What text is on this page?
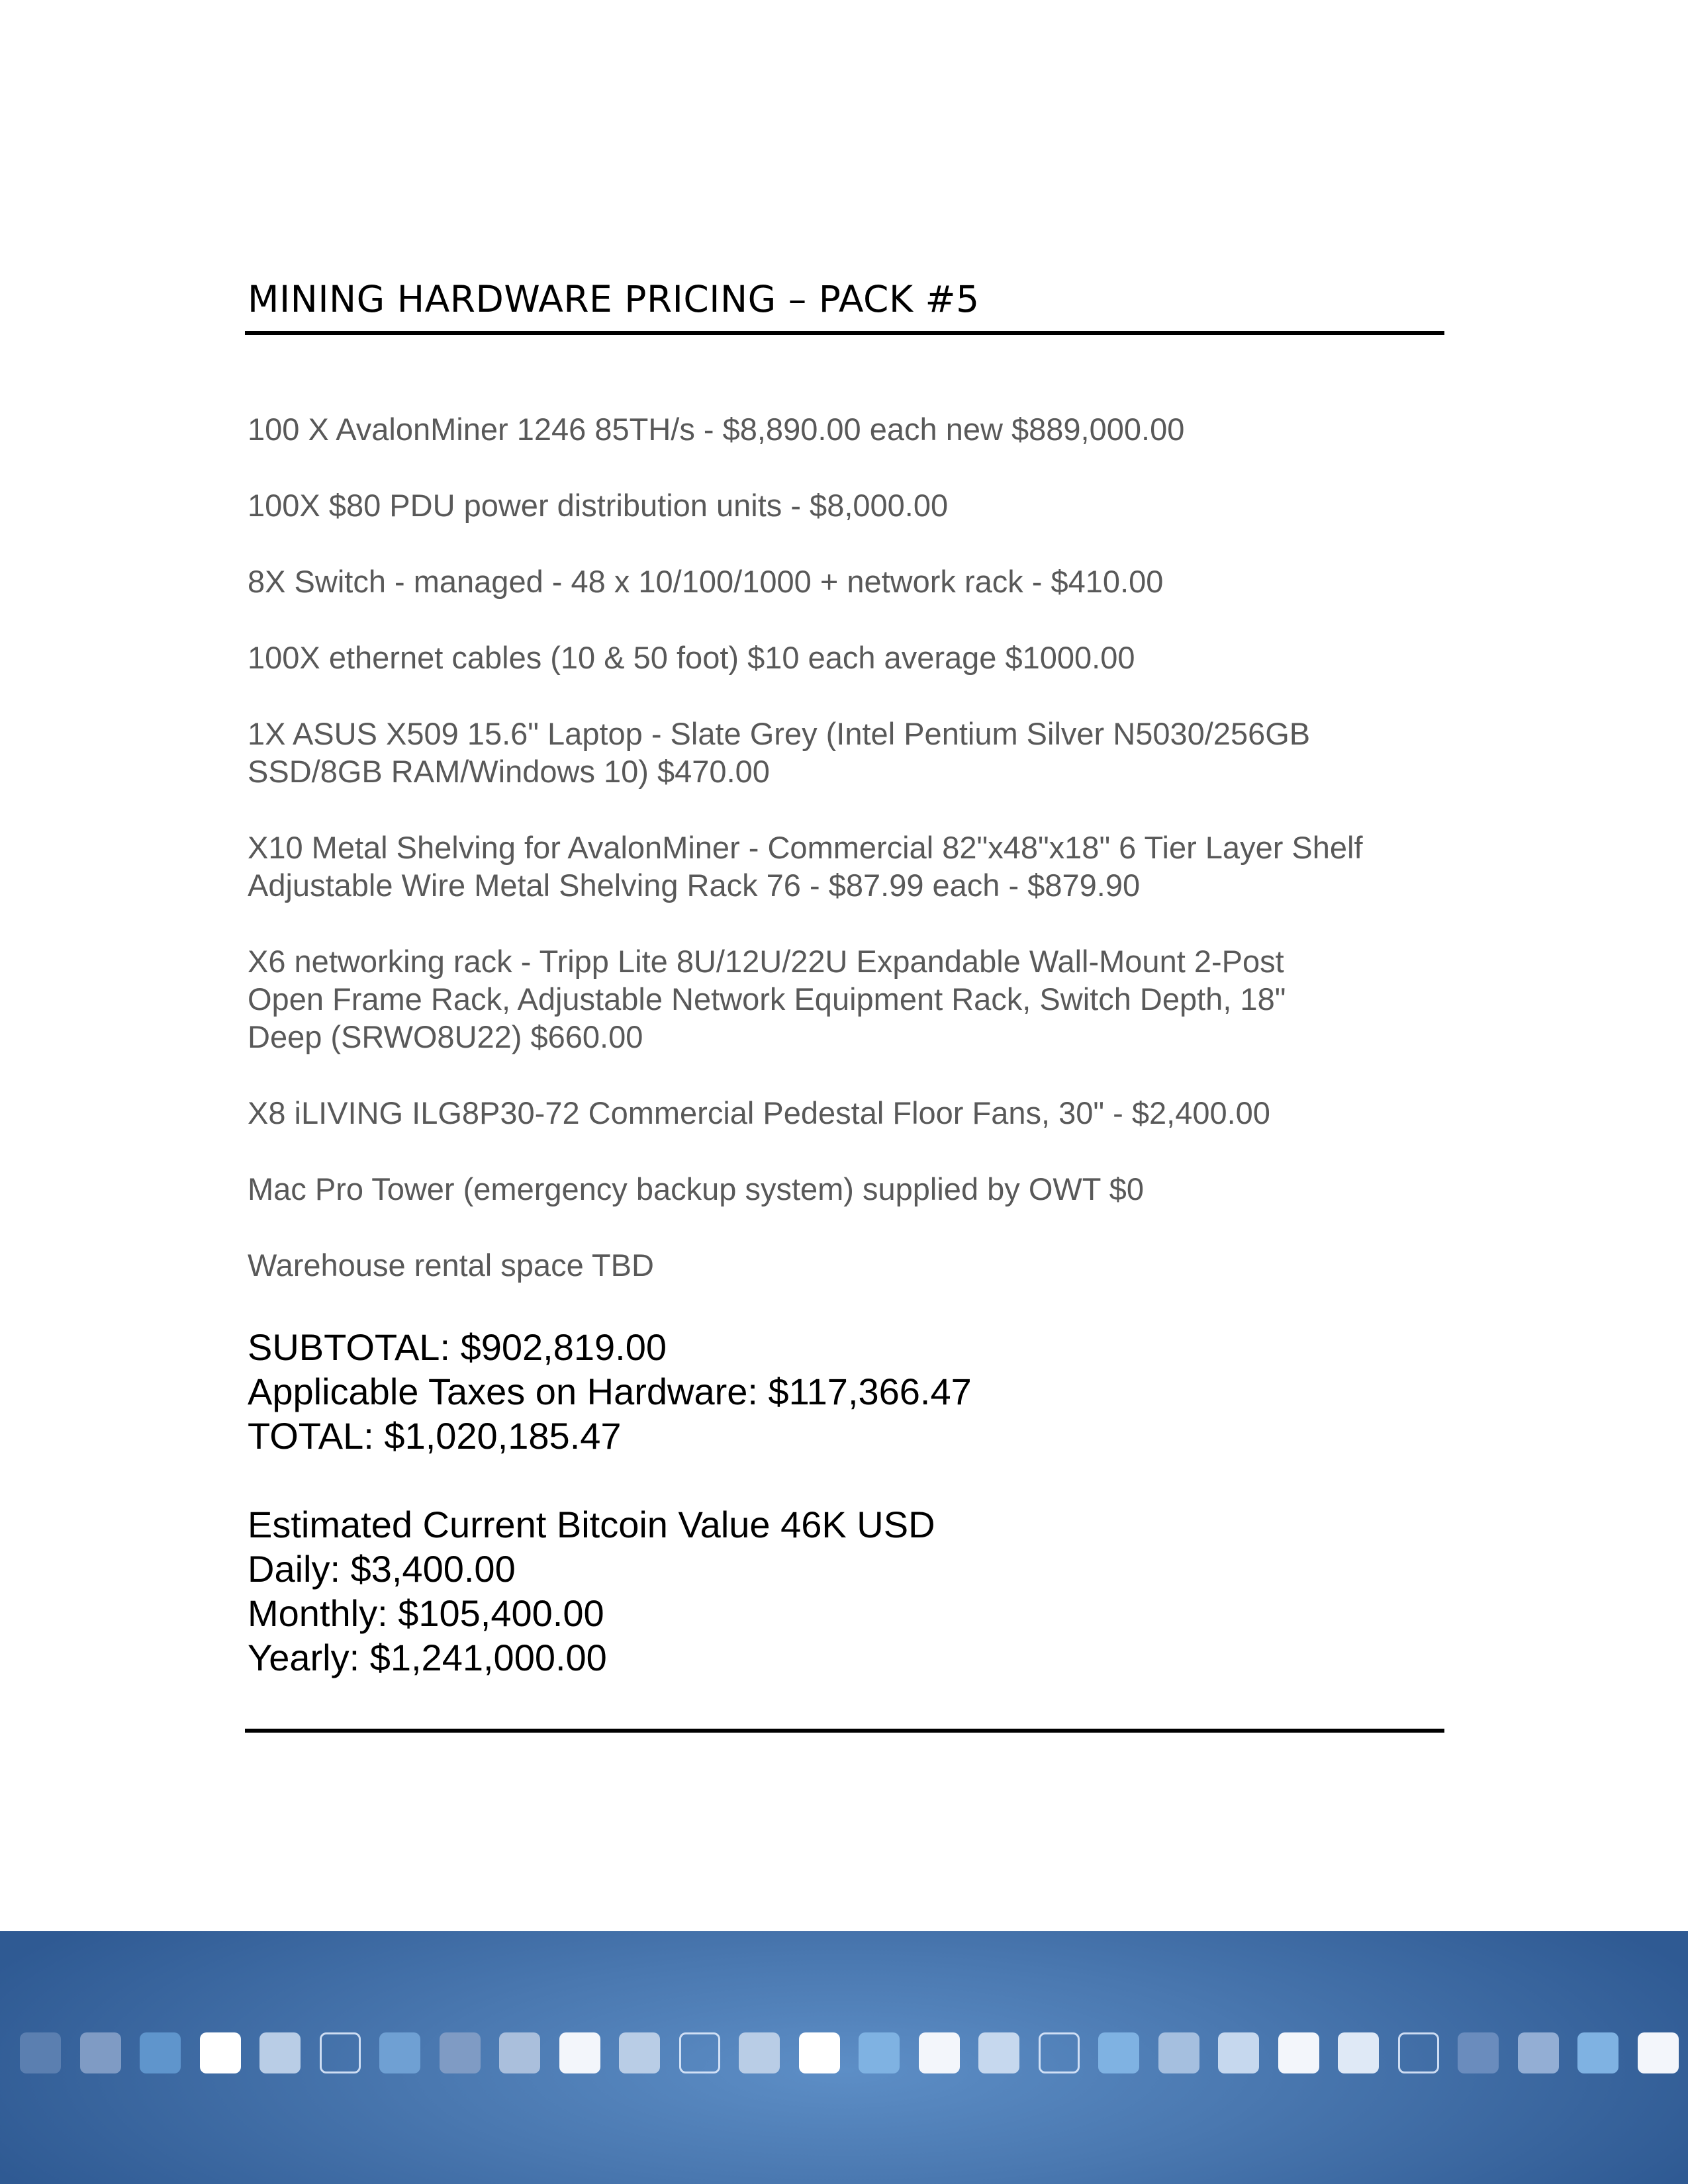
MINING HARDWARE PRICING – PACK #5
100 X AvalonMiner 1246 85TH/s - $8,890.00 each new $889,000.00
100X $80 PDU power distribution units - $8,000.00
8X Switch - managed - 48 x 10/100/1000 + network rack - $410.00
100X ethernet cables (10 & 50 foot) $10 each average $1000.00
1X ASUS X509 15.6" Laptop - Slate Grey (Intel Pentium Silver N5030/256GB
SSD/8GB RAM/Windows 10) $470.00
X10 Metal Shelving for AvalonMiner - Commercial 82"x48"x18" 6 Tier Layer Shelf
Adjustable Wire Metal Shelving Rack 76 - $87.99 each - $879.90
X6 networking rack - Tripp Lite 8U/12U/22U Expandable Wall-Mount 2-Post
Open Frame Rack, Adjustable Network Equipment Rack, Switch Depth, 18"
Deep (SRWO8U22) $660.00
X8 iLIVING ILG8P30-72 Commercial Pedestal Floor Fans, 30" - $2,400.00
Mac Pro Tower (emergency backup system) supplied by OWT $0
Warehouse rental space TBD
SUBTOTAL: $902,819.00
Applicable Taxes on Hardware: $117,366.47
TOTAL: $1,020,185.47
Estimated Current Bitcoin Value 46K USD
Daily: $3,400.00
Monthly: $105,400.00
Yearly: $1,241,000.00
